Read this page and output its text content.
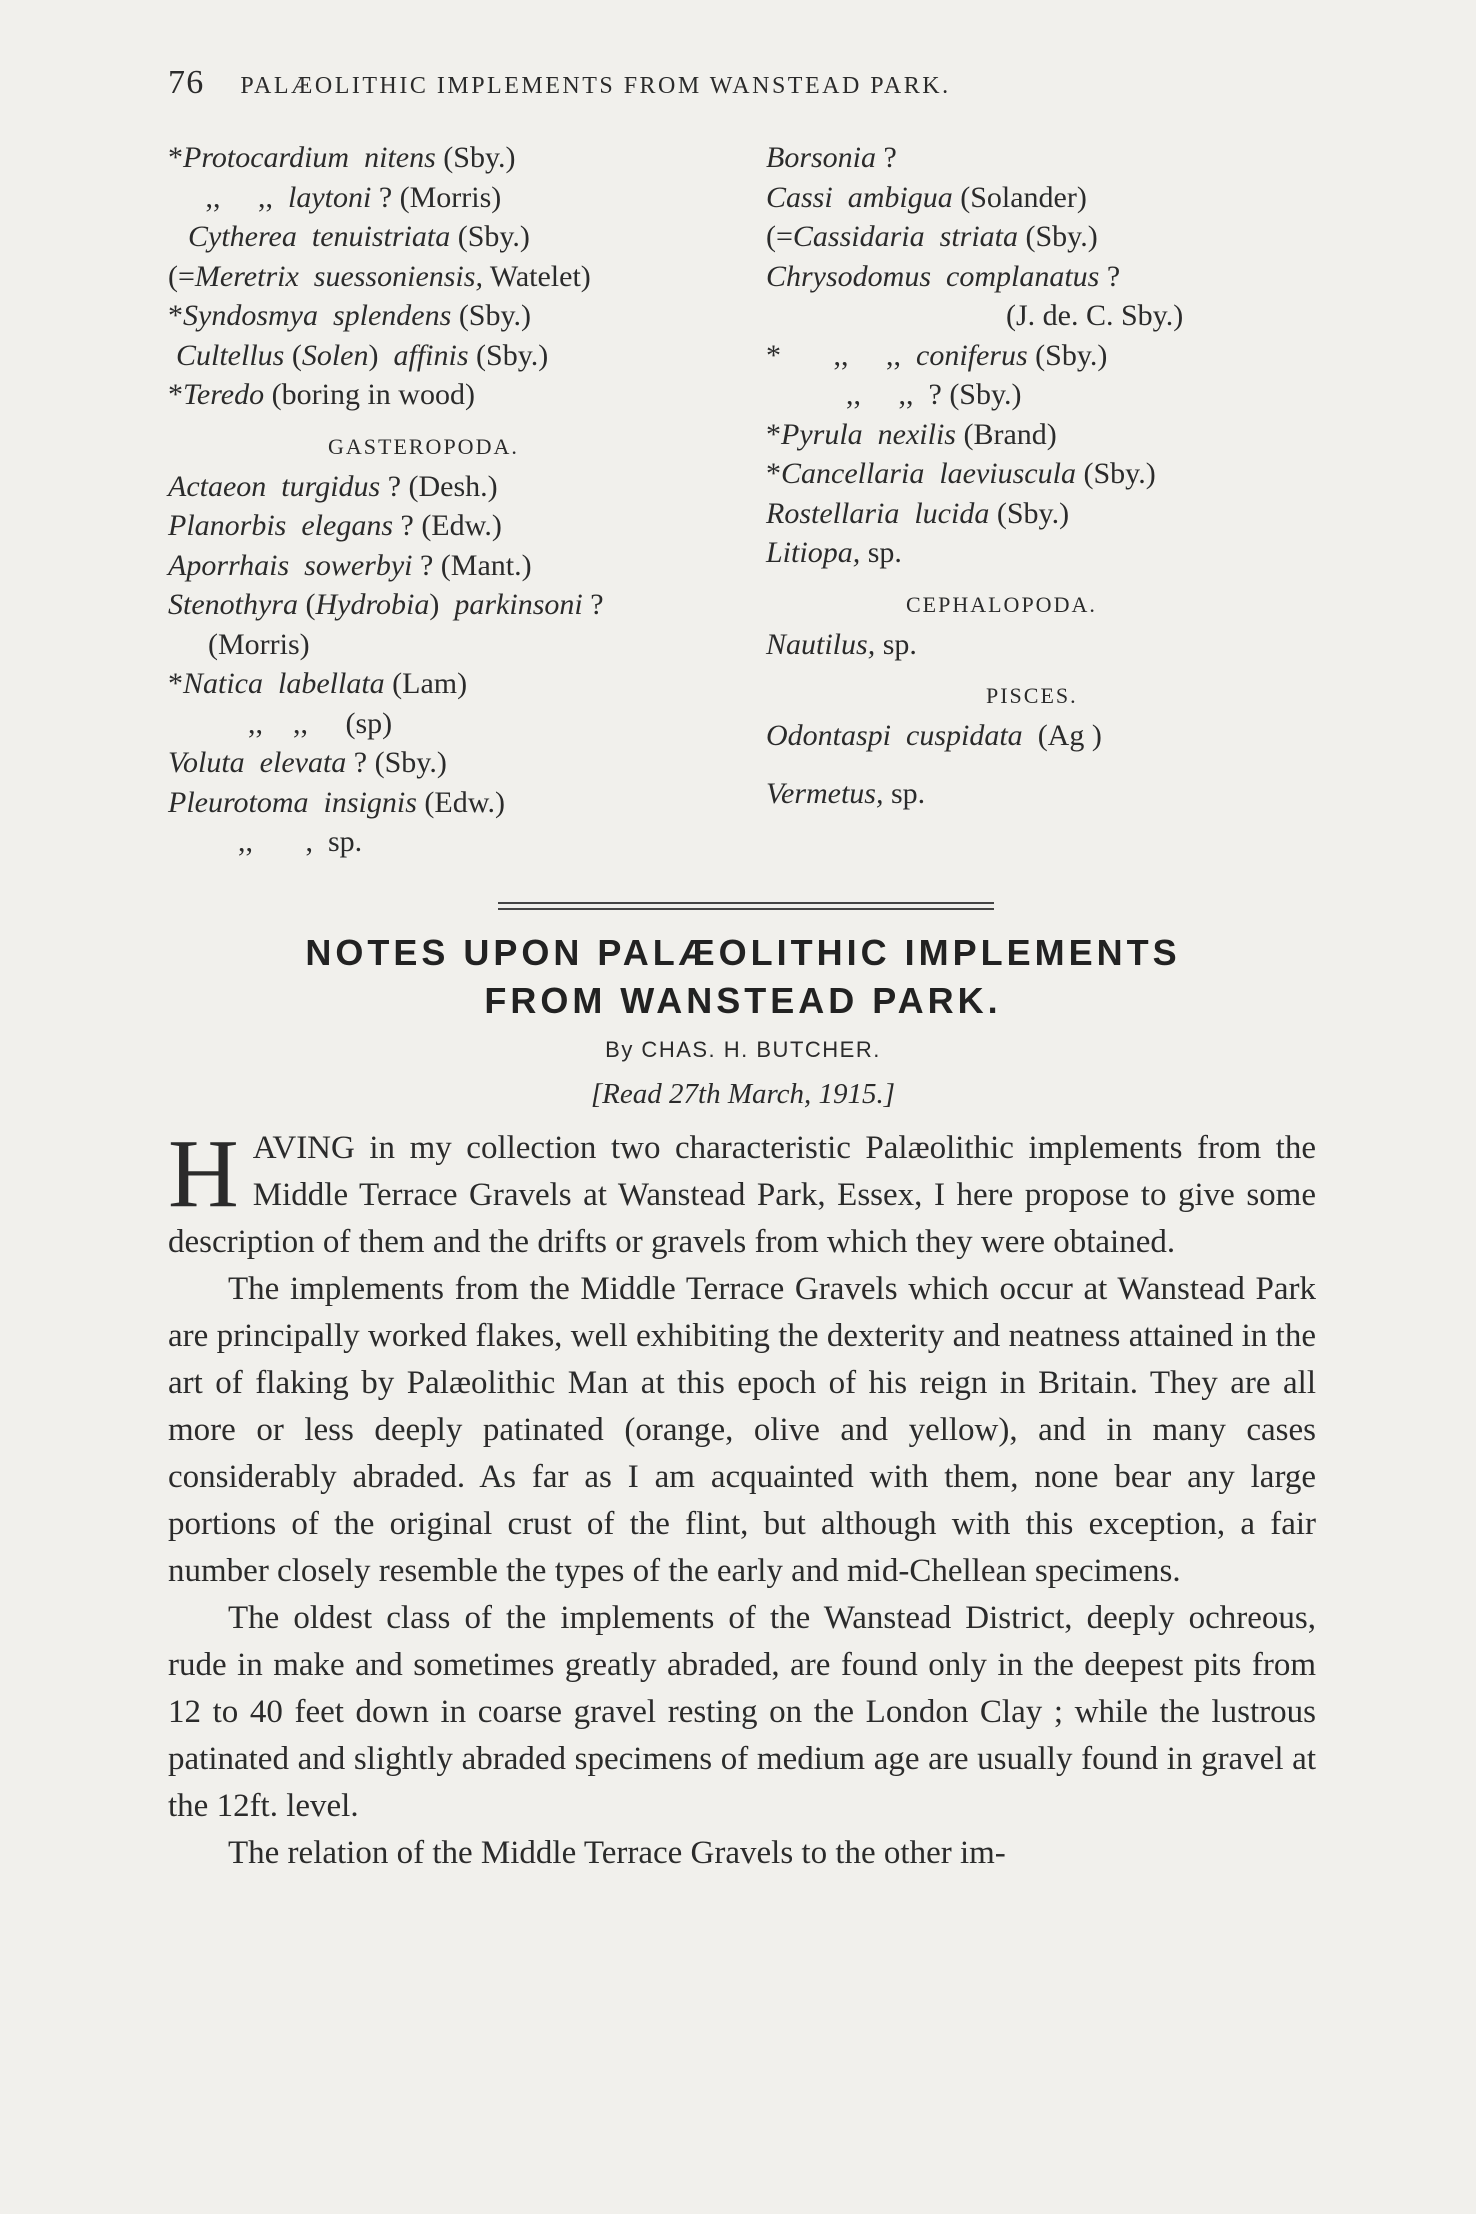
76 PALÆOLITHIC IMPLEMENTS FROM WANSTEAD PARK.
*Protocardium  nitens (Sby.)
,,     ,,  laytoni ? (Morris)
Cytherea  tenuistriata (Sby.)
(=Meretrix  suessoniensis, Watelet)
*Syndosmya  splendens (Sby.)
Cultellus (Solen)  affinis (Sby.)
*Teredo (boring in wood)
GASTEROPODA.
Actaeon  turgidus ? (Desh.)
Planorbis  elegans ? (Edw.)
Aporrhais  sowerbyi ? (Mant.)
Stenothyra (Hydrobia)  parkinsoni ?
(Morris)
*Natica  labellata (Lam)
,,    ,,     (sp)
Voluta  elevata ? (Sby.)
Pleurotoma  insignis (Edw.)
,,       ,  sp.
Borsonia ?
Cassi  ambigua (Solander)
(=Cassidaria  striata (Sby.)
Chrysodomus  complanatus ?
(J. de. C. Sby.)
*       ,,     ,,  coniferus (Sby.)
,,     ,,  ? (Sby.)
*Pyrula  nexilis (Brand)
*Cancellaria  laeviuscula (Sby.)
Rostellaria  lucida (Sby.)
Litiopa, sp.
CEPHALOPODA.
Nautilus, sp.
PISCES.
Odontaspi  cuspidata  (Ag )
Vermetus, sp.
NOTES UPON PALÆOLITHIC IMPLEMENTS
FROM WANSTEAD PARK.
By CHAS. H. BUTCHER.
[Read 27th March, 1915.]

HAVING in my collection two characteristic Palæolithic implements from the Middle Terrace Gravels at Wanstead Park, Essex, I here propose to give some description of them and the drifts or gravels from which they were obtained.

The implements from the Middle Terrace Gravels which occur at Wanstead Park are principally worked flakes, well exhibiting the dexterity and neatness attained in the art of flaking by Palæolithic Man at this epoch of his reign in Britain. They are all more or less deeply patinated (orange, olive and yellow), and in many cases considerably abraded. As far as I am acquainted with them, none bear any large portions of the original crust of the flint, but although with this exception, a fair number closely resemble the types of the early and mid-Chellean specimens.

The oldest class of the implements of the Wanstead District, deeply ochreous, rude in make and sometimes greatly abraded, are found only in the deepest pits from 12 to 40 feet down in coarse gravel resting on the London Clay ; while the lustrous patinated and slightly abraded specimens of medium age are usually found in gravel at the 12ft. level.

The relation of the Middle Terrace Gravels to the other im-
